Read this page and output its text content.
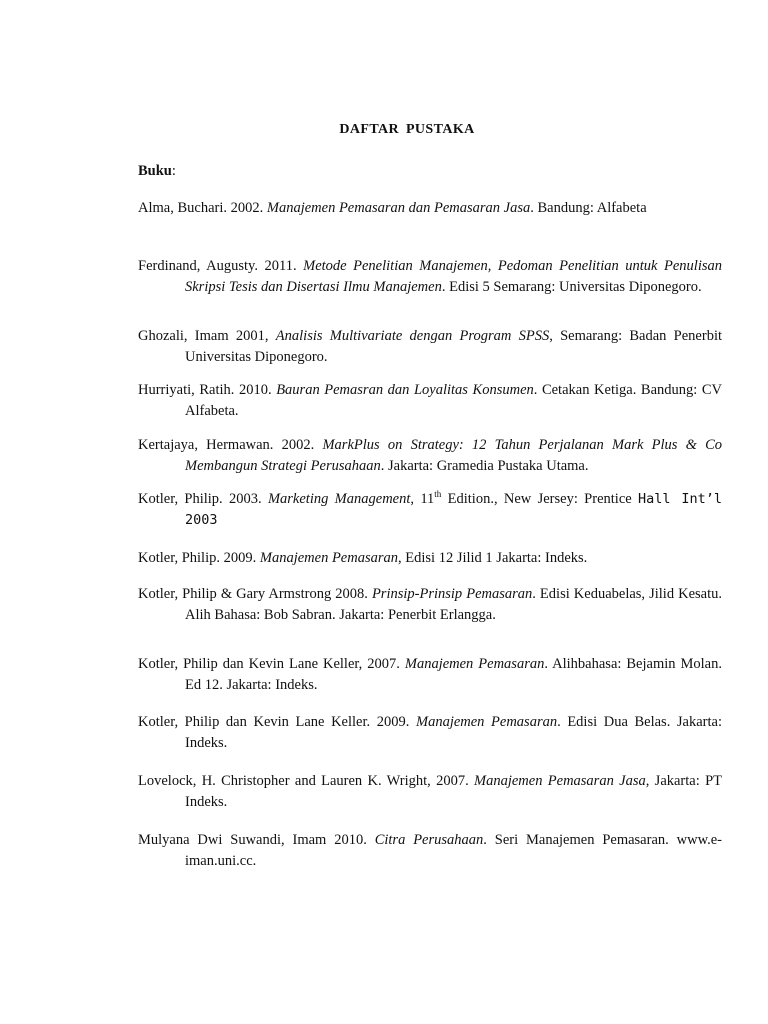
DAFTAR PUSTAKA
Buku:
Alma, Buchari. 2002. Manajemen Pemasaran dan Pemasaran Jasa. Bandung: Alfabeta
Ferdinand, Augusty. 2011. Metode Penelitian Manajemen, Pedoman Penelitian untuk Penulisan Skripsi Tesis dan Disertasi Ilmu Manajemen. Edisi 5 Semarang: Universitas Diponegoro.
Ghozali, Imam 2001, Analisis Multivariate dengan Program SPSS, Semarang: Badan Penerbit Universitas Diponegoro.
Hurriyati, Ratih. 2010. Bauran Pemasran dan Loyalitas Konsumen. Cetakan Ketiga. Bandung: CV Alfabeta.
Kertajaya, Hermawan. 2002. MarkPlus on Strategy: 12 Tahun Perjalanan Mark Plus & Co Membangun Strategi Perusahaan. Jakarta: Gramedia Pustaka Utama.
Kotler, Philip. 2003. Marketing Management, 11th Edition., New Jersey: Prentice Hall Int’l 2003
Kotler, Philip. 2009. Manajemen Pemasaran, Edisi 12 Jilid 1 Jakarta: Indeks.
Kotler, Philip & Gary Armstrong 2008. Prinsip-Prinsip Pemasaran. Edisi Keduabelas, Jilid Kesatu. Alih Bahasa: Bob Sabran. Jakarta: Penerbit Erlangga.
Kotler, Philip dan Kevin Lane Keller, 2007. Manajemen Pemasaran. Alihbahasa: Bejamin Molan. Ed 12. Jakarta: Indeks.
Kotler, Philip dan Kevin Lane Keller. 2009. Manajemen Pemasaran. Edisi Dua Belas. Jakarta: Indeks.
Lovelock, H. Christopher and Lauren K. Wright, 2007. Manajemen Pemasaran Jasa, Jakarta: PT Indeks.
Mulyana Dwi Suwandi, Imam 2010. Citra Perusahaan. Seri Manajemen Pemasaran. www.e-iman.uni.cc.
